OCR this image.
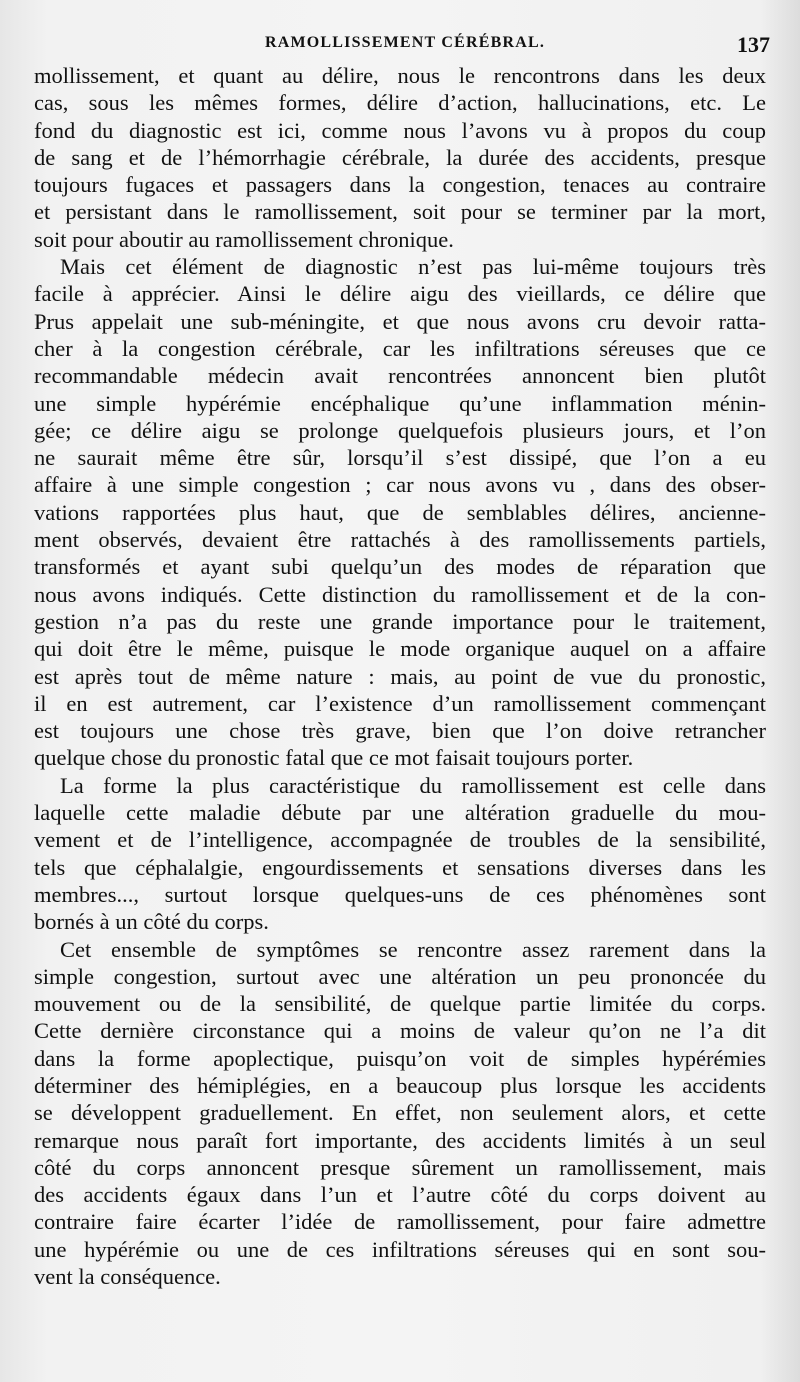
RAMOLLISSEMENT CÉRÉBRAL.	137
mollissement, et quant au délire, nous le rencontrons dans les deux
cas, sous les mêmes formes, délire d’action, hallucinations, etc. Le
fond du diagnostic est ici, comme nous l’avons vu à propos du coup
de sang et de l’hémorrhagie cérébrale, la durée des accidents, presque
toujours fugaces et passagers dans la congestion, tenaces au contraire
et persistant dans le ramollissement, soit pour se terminer par la mort,
soit pour aboutir au ramollissement chronique.
Mais cet élément de diagnostic n’est pas lui-même toujours très
facile à apprécier. Ainsi le délire aigu des vieillards, ce délire que
Prus appelait une sub-méningite, et que nous avons cru devoir ratta-
cher à la congestion cérébrale, car les infiltrations séreuses que ce
recommandable médecin avait rencontrées annoncent bien plutôt
une simple hypérémie encéphalique qu’une inflammation ménin-
gée; ce délire aigu se prolonge quelquefois plusieurs jours, et l’on
ne saurait même être sûr, lorsqu’il s’est dissipé, que l’on a eu
affaire à une simple congestion ; car nous avons vu , dans des obser-
vations rapportées plus haut, que de semblables délires, ancienne-
ment observés, devaient être rattachés à des ramollissements partiels,
transformés et ayant subi quelqu’un des modes de réparation que
nous avons indiqués. Cette distinction du ramollissement et de la con-
gestion n’a pas du reste une grande importance pour le traitement,
qui doit être le même, puisque le mode organique auquel on a affaire
est après tout de même nature : mais, au point de vue du pronostic,
il en est autrement, car l’existence d’un ramollissement commençant
est toujours une chose très grave, bien que l’on doive retrancher
quelque chose du pronostic fatal que ce mot faisait toujours porter.
La forme la plus caractéristique du ramollissement est celle dans
laquelle cette maladie débute par une altération graduelle du mou-
vement et de l’intelligence, accompagnée de troubles de la sensibilité,
tels que céphalalgie, engourdissements et sensations diverses dans les
membres..., surtout lorsque quelques-uns de ces phénomènes sont
bornés à un côté du corps.
Cet ensemble de symptômes se rencontre assez rarement dans la
simple congestion, surtout avec une altération un peu prononcée du
mouvement ou de la sensibilité, de quelque partie limitée du corps.
Cette dernière circonstance qui a moins de valeur qu’on ne l’a dit
dans la forme apoplectique, puisqu’on voit de simples hypérémies
déterminer des hémiplégies, en a beaucoup plus lorsque les accidents
se développent graduellement. En effet, non seulement alors, et cette
remarque nous paraît fort importante, des accidents limités à un seul
côté du corps annoncent presque sûrement un ramollissement, mais
des accidents égaux dans l’un et l’autre côté du corps doivent au
contraire faire écarter l’idée de ramollissement, pour faire admettre
une hypérémie ou une de ces infiltrations séreuses qui en sont sou-
vent la conséquence.
